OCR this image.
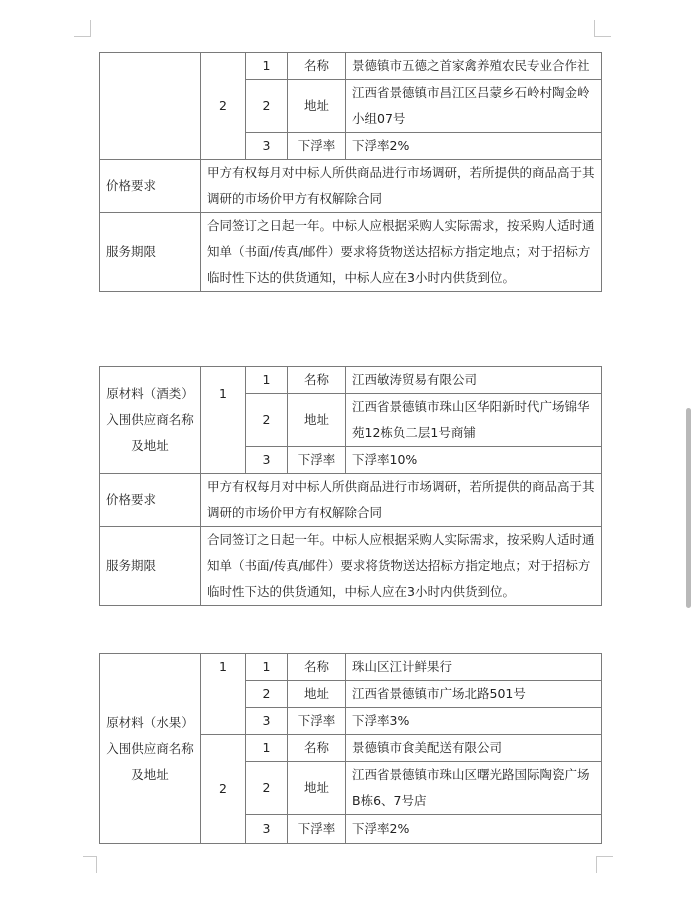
	2	1	名称	景德镇市五德之首家禽养殖农民专业合作社
		2	地址	江西省景德镇市昌江区吕蒙乡石岭村陶金岭小组07号
		3	下浮率	下浮率2%
价格要求	甲方有权每月对中标人所供商品进行市场调研，若所提供的商品高于其调研的市场价甲方有权解除合同			
服务期限	合同签订之日起一年。中标人应根据采购人实际需求，按采购人适时通知单（书面/传真/邮件）要求将货物送达招标方指定地点；对于招标方临时性下达的供货通知，中标人应在3小时内供货到位。			
原材料（酒类）入围供应商名称及地址	1	1	名称	江西敏涛贸易有限公司
		2	地址	江西省景德镇市珠山区华阳新时代广场锦华苑12栋负二层1号商铺
		3	下浮率	下浮率10%
价格要求	甲方有权每月对中标人所供商品进行市场调研，若所提供的商品高于其调研的市场价甲方有权解除合同			
服务期限	合同签订之日起一年。中标人应根据采购人实际需求，按采购人适时通知单（书面/传真/邮件）要求将货物送达招标方指定地点；对于招标方临时性下达的供货通知，中标人应在3小时内供货到位。			
原材料（水果）入围供应商名称及地址	1	1	名称	珠山区江计鲜果行
		2	地址	江西省景德镇市广场北路501号
		3	下浮率	下浮率3%
	2	1	名称	景德镇市食美配送有限公司
		2	地址	江西省景德镇市珠山区曙光路国际陶瓷广场B栋6、7号店
		3	下浮率	下浮率2%
